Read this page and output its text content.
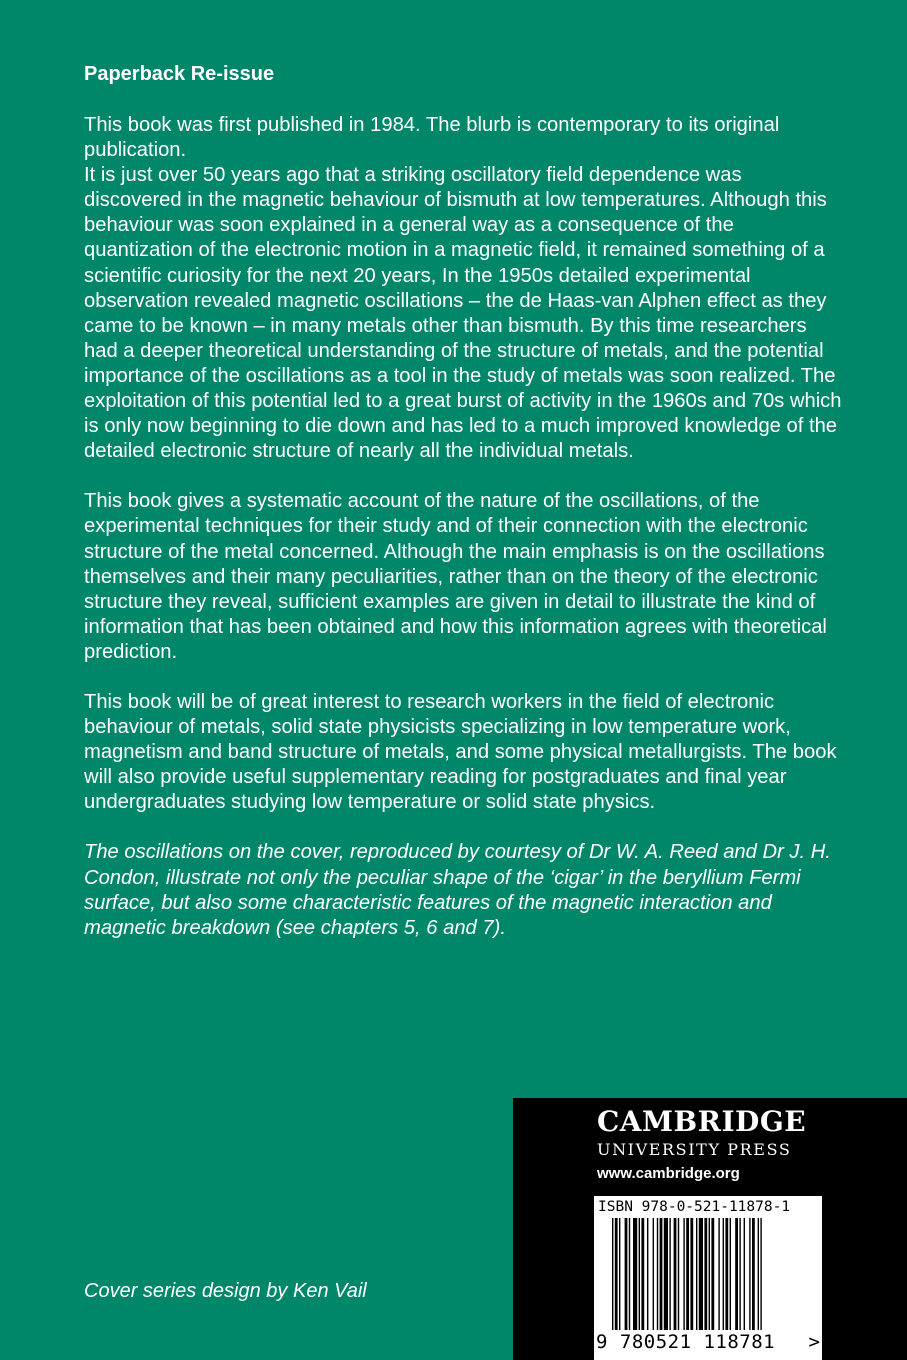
Paperback Re-issue

This book was first published in 1984. The blurb is contemporary to its original publication.

It is just over 50 years ago that a striking oscillatory field dependence was discovered in the magnetic behaviour of bismuth at low temperatures. Although this behaviour was soon explained in a general way as a consequence of the quantization of the electronic motion in a magnetic field, it remained something of a scientific curiosity for the next 20 years, In the 1950s detailed experimental observation revealed magnetic oscillations – the de Haas-van Alphen effect as they came to be known – in many metals other than bismuth. By this time researchers had a deeper theoretical understanding of the structure of metals, and the potential importance of the oscillations as a tool in the study of metals was soon realized. The exploitation of this potential led to a great burst of activity in the 1960s and 70s which is only now beginning to die down and has led to a much improved knowledge of the detailed electronic structure of nearly all the individual metals.

This book gives a systematic account of the nature of the oscillations, of the experimental techniques for their study and of their connection with the electronic structure of the metal concerned. Although the main emphasis is on the oscillations themselves and their many peculiarities, rather than on the theory of the electronic structure they reveal, sufficient examples are given in detail to illustrate the kind of information that has been obtained and how this information agrees with theoretical prediction.

This book will be of great interest to research workers in the field of electronic behaviour of metals, solid state physicists specializing in low temperature work, magnetism and band structure of metals, and some physical metallurgists. The book will also provide useful supplementary reading for postgraduates and final year undergraduates studying low temperature or solid state physics.

The oscillations on the cover, reproduced by courtesy of Dr W. A. Reed and Dr J. H. Condon, illustrate not only the peculiar shape of the ‘cigar’ in the beryllium Fermi surface, but also some characteristic features of the magnetic interaction and magnetic breakdown (see chapters 5, 6 and 7).

Cover series design by Ken Vail

CAMBRIDGE

UNIVERSITY PRESS

www.cambridge.org

ISBN 978-0-521-11878-1
9 780521 118781 >
